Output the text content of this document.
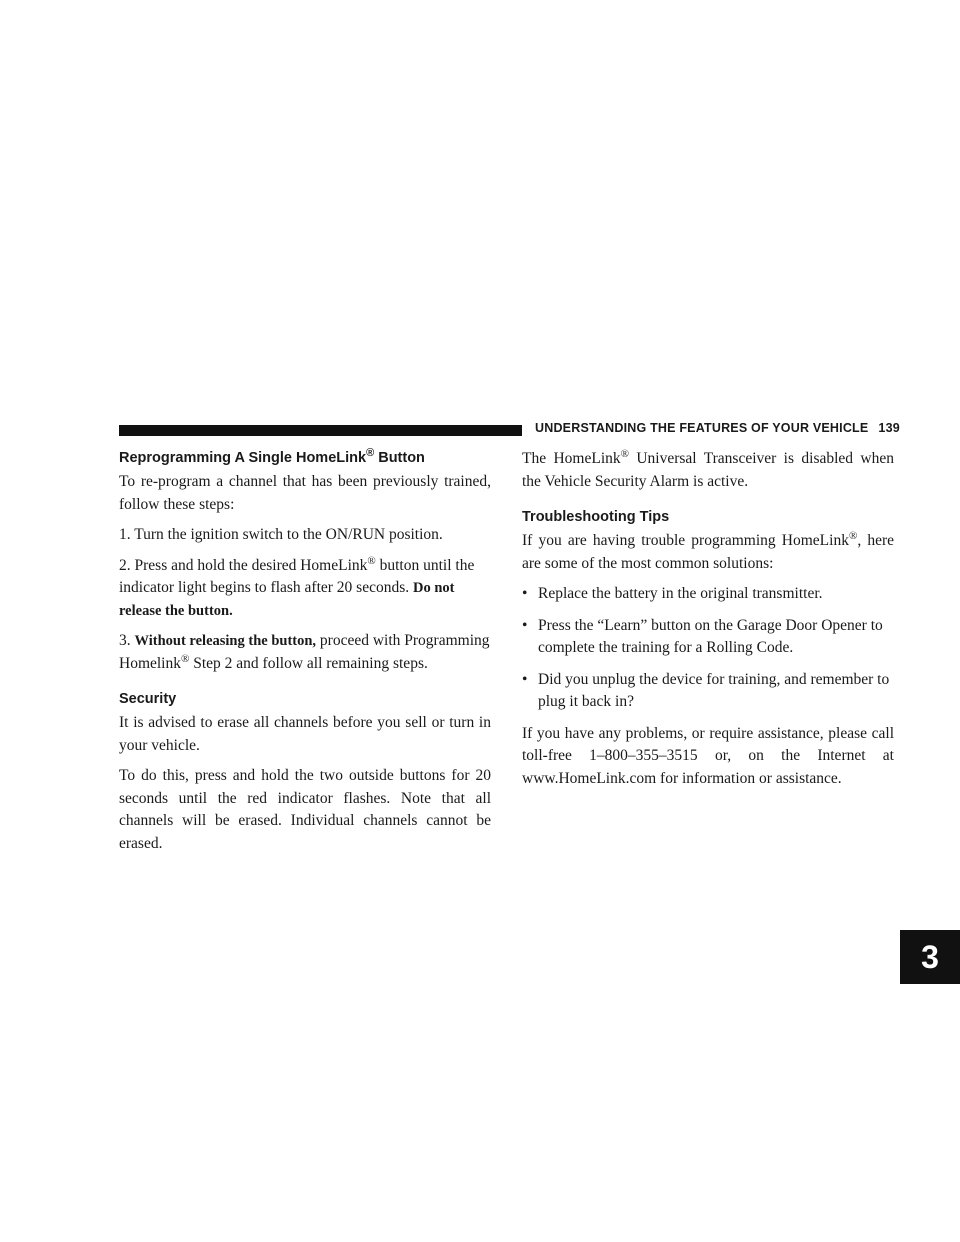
UNDERSTANDING THE FEATURES OF YOUR VEHICLE 139
3
Reprogramming A Single HomeLink® Button

To re-program a channel that has been previously trained, follow these steps:

1. Turn the ignition switch to the ON/RUN position.

2. Press and hold the desired HomeLink® button until the indicator light begins to flash after 20 seconds. Do not release the button.

3. Without releasing the button, proceed with Programming Homelink® Step 2 and follow all remaining steps.

Security

It is advised to erase all channels before you sell or turn in your vehicle.

To do this, press and hold the two outside buttons for 20 seconds until the red indicator flashes. Note that all channels will be erased. Individual channels cannot be erased.

The HomeLink® Universal Transceiver is disabled when the Vehicle Security Alarm is active.

Troubleshooting Tips

If you are having trouble programming HomeLink®, here are some of the most common solutions:

• Replace the battery in the original transmitter.
• Press the “Learn” button on the Garage Door Opener to complete the training for a Rolling Code.
• Did you unplug the device for training, and remember to plug it back in?

If you have any problems, or require assistance, please call toll-free 1–800–355–3515 or, on the Internet at www.HomeLink.com for information or assistance.
